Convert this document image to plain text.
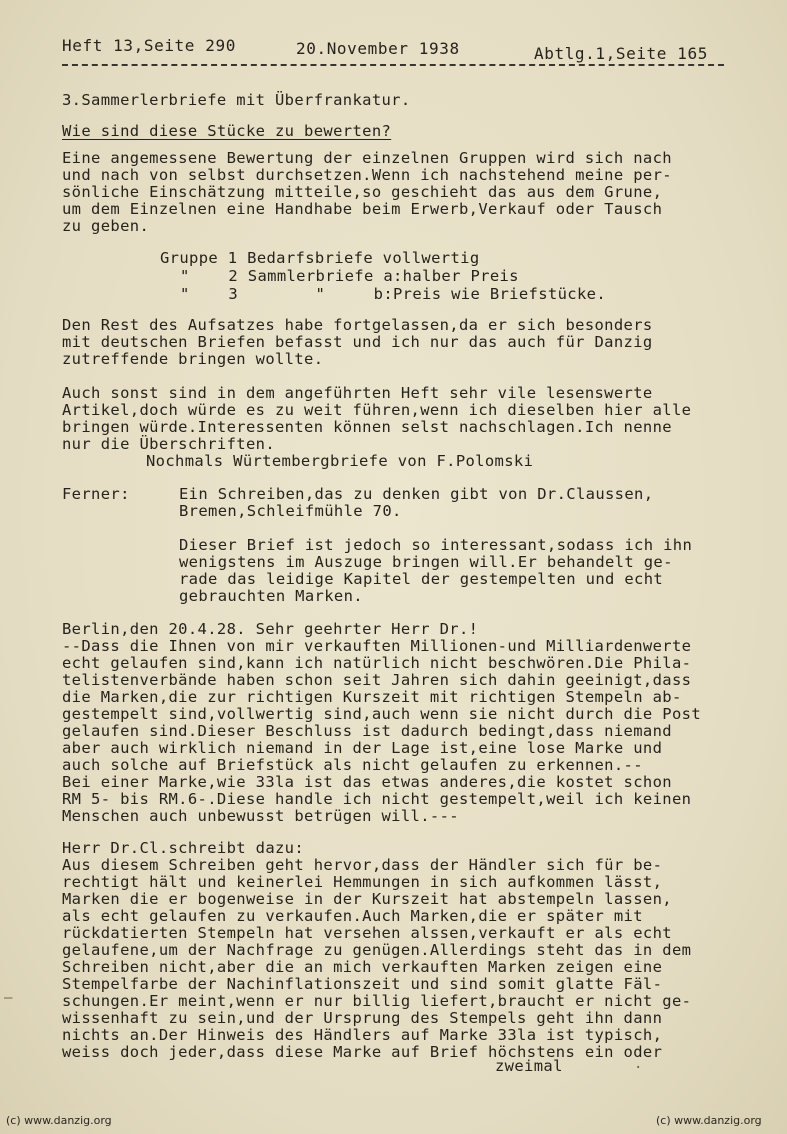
Heft 13,Seite 290	20.November 1938	Abtlg.1,Seite 165
3.Sammerlerbriefe mit Überfrankatur.
Wie sind diese Stücke zu bewerten?
Eine angemessene Bewertung der einzelnen Gruppen wird sich nach
und nach von selbst durchsetzen.Wenn ich nachstehend meine per-
sönliche Einschätzung mitteile,so geschieht das aus dem Grune,
um dem Einzelnen eine Handhabe beim Erwerb,Verkauf oder Tausch
zu geben.
Gruppe 1 Bedarfsbriefe vollwertig
"    2 Sammlerbriefe a:halber Preis
"    3        "     b:Preis wie Briefstücke.
Den Rest des Aufsatzes habe fortgelassen,da er sich besonders
mit deutschen Briefen befasst und ich nur das auch für Danzig
zutreffende bringen wollte.
Auch sonst sind in dem angeführten Heft sehr vile lesenswerte
Artikel,doch würde es zu weit führen,wenn ich dieselben hier alle
bringen würde.Interessenten können selst nachschlagen.Ich nenne
nur die Überschriften.
Nochmals Würtembergbriefe von F.Polomski
Ferner:	Ein Schreiben,das zu denken gibt von Dr.Claussen,
Bremen,Schleifmühle 70.
Dieser Brief ist jedoch so interessant,sodass ich ihn
wenigstens im Auszuge bringen will.Er behandelt ge-
rade das leidige Kapitel der gestempelten und echt
gebrauchten Marken.
Berlin,den 20.4.28. Sehr geehrter Herr Dr.!
--Dass die Ihnen von mir verkauften Millionen-und Milliardenwerte
echt gelaufen sind,kann ich natürlich nicht beschwören.Die Phila-
telistenverbände haben schon seit Jahren sich dahin geeinigt,dass
die Marken,die zur richtigen Kurszeit mit richtigen Stempeln ab-
gestempelt sind,vollwertig sind,auch wenn sie nicht durch die Post
gelaufen sind.Dieser Beschluss ist dadurch bedingt,dass niemand
aber auch wirklich niemand in der Lage ist,eine lose Marke und
auch solche auf Briefstück als nicht gelaufen zu erkennen.--
Bei einer Marke,wie 33la ist das etwas anderes,die kostet schon
RM 5- bis RM.6-.Diese handle ich nicht gestempelt,weil ich keinen
Menschen auch unbewusst betrügen will.---
Herr Dr.Cl.schreibt dazu:
Aus diesem Schreiben geht hervor,dass der Händler sich für be-
rechtigt hält und keinerlei Hemmungen in sich aufkommen lässt,
Marken die er bogenweise in der Kurszeit hat abstempeln lassen,
als echt gelaufen zu verkaufen.Auch Marken,die er später mit
rückdatierten Stempeln hat versehen alssen,verkauft er als echt
gelaufene,um der Nachfrage zu genügen.Allerdings steht das in dem
Schreiben nicht,aber die an mich verkauften Marken zeigen eine
Stempelfarbe der Nachinflationszeit und sind somit glatte Fäl-
schungen.Er meint,wenn er nur billig liefert,braucht er nicht ge-
wissenhaft zu sein,und der Ursprung des Stempels geht ihn dann
nichts an.Der Hinweis des Händlers auf Marke 33la ist typisch,
weiss doch jeder,dass diese Marke auf Brief höchstens ein oder
zweimal
—
·
(c) www.danzig.org	(c) www.danzig.org
